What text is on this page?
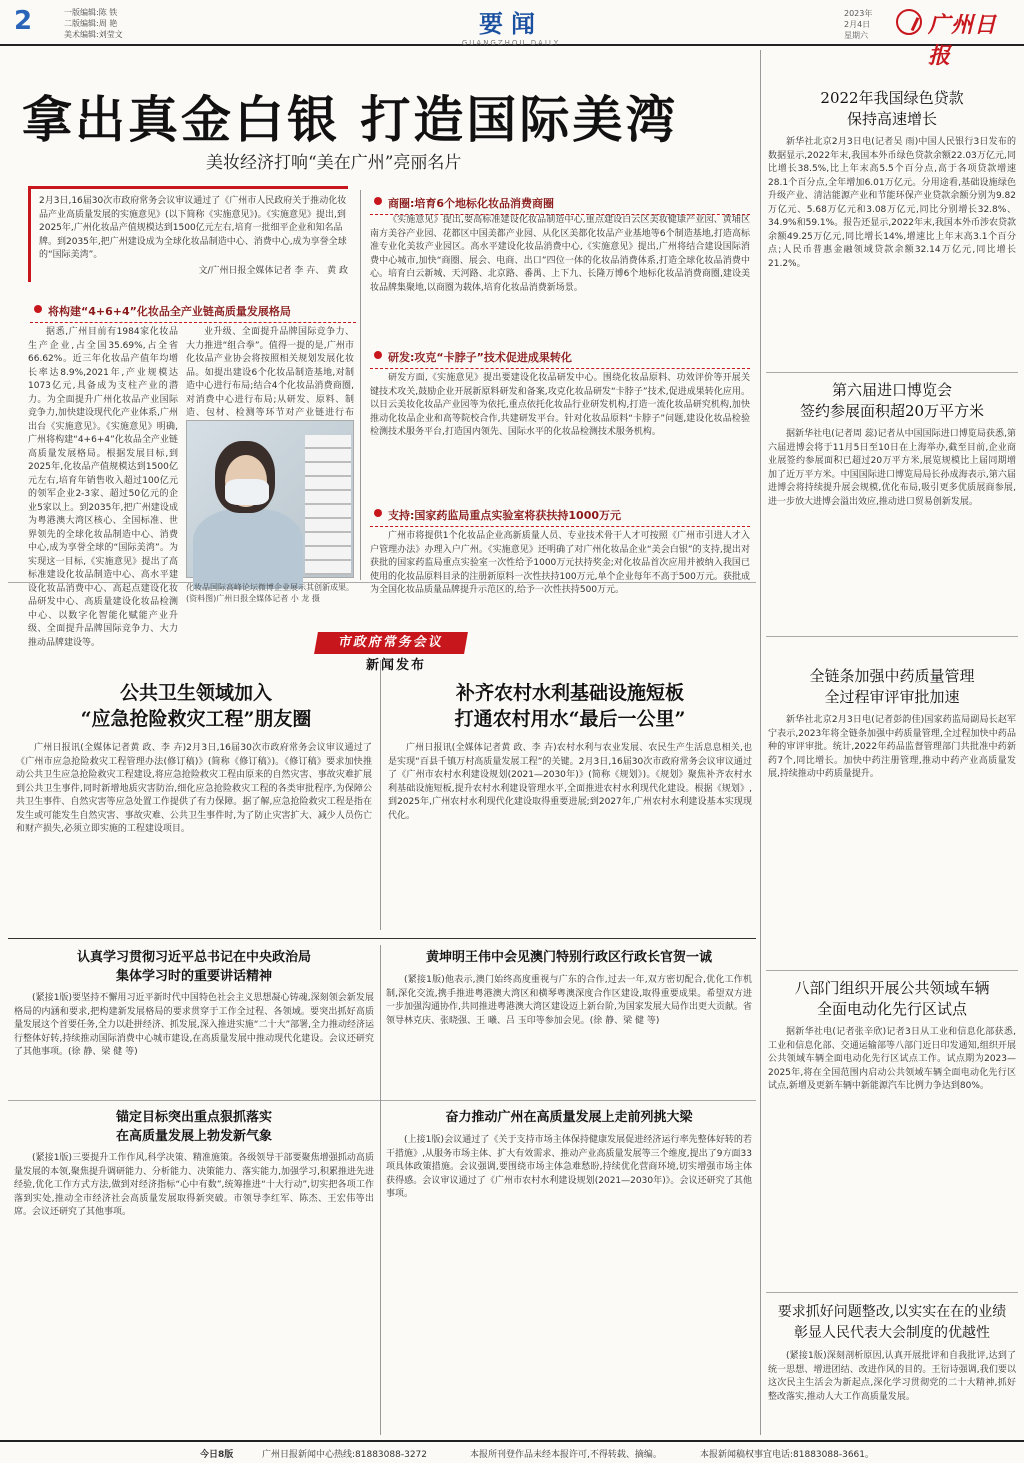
2	一版编辑:陈 铁
二版编辑:周 艳
美术编辑:刘莹文	要闻
GUANGZHOU DAILY
2023年
2月4日
星期六	广州日报
拿出真金白银 打造国际美湾
美妆经济打响“美在广州”亮丽名片
2月3日,16届30次市政府常务会议审议通过了《广州市人民政府关于推动化妆品产业高质量发展的实施意见》(以下简称《实施意见》)。《实施意见》提出,到2025年,广州化妆品产值规模达到1500亿元左右,培育一批细平企业和知名品牌。到2035年,把广州建设成为全球化妆品制造中心、消费中心,成为享誉全球的“国际美湾”。
文/广州日报全媒体记者 李 卉、 黄 政
将构建“4+6+4”化妆品全产业链高质量发展格局
据悉,广州目前有1984家化妆品生产企业,占全国35.69%,占全省66.62%。近三年化妆品产值年均增长率达8.9%,2021年,产业规模达1073亿元,具备成为支柱产业的潜力。为全面提升广州化妆品产业国际竞争力,加快建设现代化产业体系,广州出台《实施意见》。《实施意见》明确,广州将构建“4+6+4”化妆品全产业链高质量发展格局。根据发展目标,到2025年,化妆品产值规模达到1500亿元左右,培育年销售收入超过100亿元的领军企业2-3家、超过50亿元的企业5家以上。到2035年,把广州建设成为粤港澳大湾区核心、全国标准、世界领先的全球化妆品制造中心、消费中心,成为享誉全球的“国际美湾”。为实现这一目标,《实施意见》提出了高标准建设化妆品制造中心、高水平建设化妆品消费中心、高起点建设化妆品研发中心、高质量建设化妆品检测中心、以数字化智能化赋能产业升级、全面提升品牌国际竞争力、大力推动品牌建设等。
业升级、全面提升品牌国际竞争力、大力推进“组合拳”。值得一提的是,广州市化妆品产业协会将按照相关规划发展化妆品。如提出建设6个化妆品制造基地,对制造中心进行布局;结合4个化妆品消费商圈,对消费中心进行布局;从研发、原料、制造、包材、检测等环节对产业链进行布
化妆品国际高峰论坛微博企业展示其创新成果。(资料图)广州日报全媒体记者 小 龙 摄
商圈:培育6个地标化妆品消费商圈
《实施意见》提出,要高标准建设化妆品制造中心,重点建设白云区美妆健康产业园、黄埔区南方美谷产业园、花都区中国美都产业园、从化区美都化妆品产业基地等6个制造基地,打造高标准专业化美妆产业园区。高水平建设化妆品消费中心,《实施意见》提出,广州将结合建设国际消费中心城市,加快“商圈、展会、电商、出口”四位一体的化妆品消费体系,打造全球化妆品消费中心。培育白云新城、天河路、北京路、番禺、上下九、长隆万博6个地标化妆品消费商圈,建设美妆品牌集聚地,以商圈为载体,培育化妆品消费新场景。
研发:攻克“卡脖子”技术促进成果转化
研发方面,《实施意见》提出要建设化妆品研发中心。围绕化妆品原料、功效评价等开展关键技术攻关,鼓励企业开展新原料研发和备案,攻克化妆品研发“卡脖子”技术,促进成果转化应用。以日云美妆化妆品产业园等为依托,重点依托化妆品行业研发机构,打造一流化妆品研究机构,加快推动化妆品企业和高等院校合作,共建研发平台。针对化妆品原料“卡脖子”问题,建设化妆品检验检测技术服务平台,打造国内领先、国际水平的化妆品检测技术服务机构。
支持:国家药监局重点实验室将获扶持1000万元
广州市将提供1个化妆品企业高新质量人员、专业技术骨干人才可按照《广州市引进人才入户管理办法》办理入户广州。《实施意见》还明确了对广州化妆品企业“美会白银”的支持,提出对获批的国家药监局重点实验室一次性给予1000万元扶持奖金;对化妆品首次应用并被纳入我国已使用的化妆品原料目录的注册新原料一次性扶持100万元,单个企业每年不高于500万元。获批成为全国化妆品质量品牌提升示范区的,给予一次性扶持500万元。
市政府常务会议
新闻发布
公共卫生领域加入
“应急抢险救灾工程”朋友圈
广州日报讯(全媒体记者黄 政、李 卉)2月3日,16届30次市政府常务会议审议通过了《广州市应急抢险救灾工程管理办法(修订稿)》(简称《修订稿》)。《修订稿》要求加快推动公共卫生应急抢险救灾工程建设,将应急抢险救灾工程由原来的自然灾害、事故灾难扩展到公共卫生事件,同时新增地质灾害防治,细化应急抢险救灾工程的各类审批程序,为保障公共卫生事件、自然灾害等应急处置工作提供了有力保障。据了解,应急抢险救灾工程是指在发生或可能发生自然灾害、事故灾难、公共卫生事件时,为了防止灾害扩大、减少人员伤亡和财产损失,必须立即实施的工程建设项目。
补齐农村水利基础设施短板
打通农村用水“最后一公里”
广州日报讯(全媒体记者黄 政、李 卉)农村水利与农业发展、农民生产生活息息相关,也是实现“百县千镇万村高质量发展工程”的关键。2月3日,16届30次市政府常务会议审议通过了《广州市农村水利建设规划(2021—2030年)》(简称《规划》)。《规划》聚焦补齐农村水利基础设施短板,提升农村水利建设管理水平,全面推进农村水利现代化建设。根据《规划》,到2025年,广州农村水利现代化建设取得重要进展;到2027年,广州农村水利建设基本实现现代化。
2022年我国绿色贷款
保持高速增长
新华社北京2月3日电(记者吴 雨)中国人民银行3日发布的数据显示,2022年末,我国本外币绿色贷款余额22.03万亿元,同比增长38.5%,比上年末高5.5个百分点,高于各项贷款增速28.1个百分点,全年增加6.01万亿元。分用途看,基础设施绿色升级产业、清洁能源产业和节能环保产业贷款余额分别为9.82万亿元、5.68万亿元和3.08万亿元,同比分别增长32.8%、34.9%和59.1%。报告还显示,2022年末,我国本外币涉农贷款余额49.25万亿元,同比增长14%,增速比上年末高3.1个百分点;人民币普惠金融领域贷款余额32.14万亿元,同比增长21.2%。
第六届进口博览会
签约参展面积超20万平方米
据新华社电(记者周 蕊)记者从中国国际进口博览局获悉,第六届进博会将于11月5日至10日在上海举办,截至目前,企业商业展签约参展面积已超过20万平方米,展览规模比上届同期增加了近万平方米。中国国际进口博览局局长孙成海表示,第六届进博会将持续提升展会规模,优化布局,吸引更多优质展商参展,进一步放大进博会溢出效应,推动进口贸易创新发展。
全链条加强中药质量管理
全过程审评审批加速
新华社北京2月3日电(记者彭韵佳)国家药监局副局长赵军宁表示,2023年将全链条加强中药质量管理,全过程加快中药品种的审评审批。统计,2022年药品监督管理部门共批准中药新药7个,同比增长。加快中药注册管理,推动中药产业高质量发展,持续推动中药质量提升。
八部门组织开展公共领域车辆
全面电动化先行区试点
据新华社电(记者张辛欣)记者3日从工业和信息化部获悉,工业和信息化部、交通运输部等八部门近日印发通知,组织开展公共领域车辆全面电动化先行区试点工作。试点期为2023—2025年,将在全国范围内启动公共领域车辆全面电动化先行区试点,新增及更新车辆中新能源汽车比例力争达到80%。
要求抓好问题整改,以实实在在的业绩
彰显人民代表大会制度的优越性
(紧接1版)深刻剖析原因,认真开展批评和自我批评,达到了统一思想、增进团结、改进作风的目的。王衍诗强调,我们要以这次民主生活会为新起点,深化学习贯彻党的二十大精神,抓好整改落实,推动人大工作高质量发展。
认真学习贯彻习近平总书记在中央政治局
集体学习时的重要讲话精神
(紧接1版)要坚持不懈用习近平新时代中国特色社会主义思想凝心铸魂,深刻领会新发展格局的内涵和要求,把构建新发展格局的要求贯穿于工作全过程、各领域。要突出抓好高质量发展这个首要任务,全力以赴拼经济、抓发展,深入推进实施“二十大”部署,全力推动经济运行整体好转,持续推动国际消费中心城市建设,在高质量发展中推动现代化建设。会议还研究了其他事项。(徐 静、梁 健 等)
黄坤明王伟中会见澳门特别行政区行政长官贺一诚
(紧接1版)他表示,澳门始终高度重视与广东的合作,过去一年,双方密切配合,优化工作机制,深化交流,携手推进粤港澳大湾区和横琴粤澳深度合作区建设,取得重要成果。希望双方进一步加强沟通协作,共同推进粤港澳大湾区建设迈上新台阶,为国家发展大局作出更大贡献。省领导林克庆、张晓强、王 曦、吕 玉印等参加会见。(徐 静、梁 健 等)
锚定目标突出重点狠抓落实
在高质量发展上勃发新气象
(紧接1版)三要提升工作作风,科学决策、精准施策。各级领导干部要聚焦增强抓动高质量发展的本领,聚焦提升调研能力、分析能力、决策能力、落实能力,加强学习,积累推进先进经验,优化工作方式方法,做到对经济指标“心中有数”,统筹推进“十大行动”,切实把各项工作落到实处,推动全市经济社会高质量发展取得新突破。市领导李红军、陈杰、王宏伟等出席。会议还研究了其他事项。
奋力推动广州在高质量发展上走前列挑大梁
(上接1版)会议通过了《关于支持市场主体保持健康发展促进经济运行率先整体好转的若干措施》,从服务市场主体、扩大有效需求、推动产业高质量发展等三个维度,提出了9方面33项具体政策措施。会议强调,要围绕市场主体急难愁盼,持续优化营商环境,切实增强市场主体获得感。会议审议通过了《广州市农村水利建设规划(2021—2030年)》。会议还研究了其他事项。
今日8版	广州日报新闻中心热线:81883088-3272	本报所刊登作品未经本报许可,不得转载、摘编。	本报新闻稿权事宜电话:81883088-3661。
